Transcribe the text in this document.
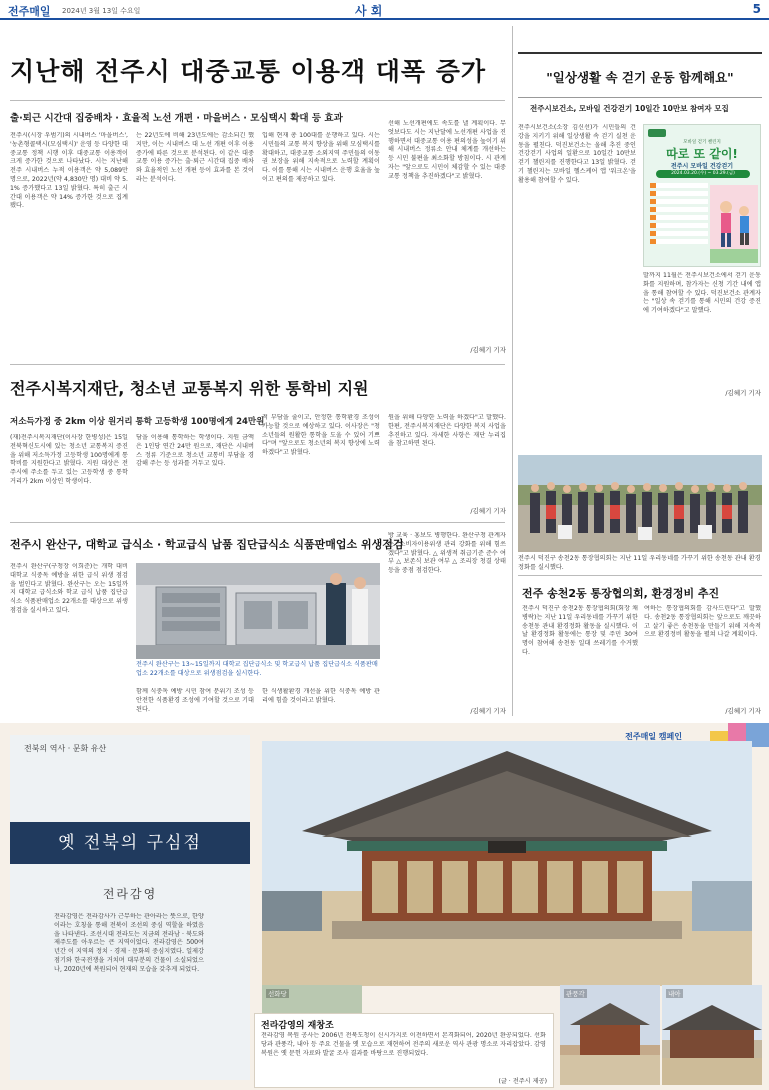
전주매일 2024년 3월 13일 수요일	사 회	5
지난해 전주시 대중교통 이용객 대폭 증가
출·퇴근 시간대 집중배차 · 효율적 노선 개편 · 마을버스 · 모심택시 확대 등 효과
전주시(시장 우범기)의 시내버스 '마을버스', '농촌형콜택시(모심택시)' 운영 등 다양한 대중교통 정책 시행 이후 대중교통 이용객이 크게 증가한 것으로 나타났다. 시는 지난해 전주 시내버스 누적 이용객은 약 5,089만 명으로, 2022년(약 4,830만 명) 대비 약 5.1% 증가했다고 13일 밝혔다. 특히 출근 시간대 이용객은 약 14% 증가한 것으로 집계됐다.
는 22년도에 비해 23년도에는 감소되긴 했지만, 이는 시내버스 대 노선 개편 이후 이용 증가에 따른 것으로 분석된다. 이 같은 대중교통 이용 증가는 출·퇴근 시간대 집중 배차와 효율적인 노선 개편 등이 효과를 본 것이라는 분석이다.
입해 현재 총 100대를 운행하고 있다. 시는 시민들의 교통 복지 향상을 위해 모심택시를 확대하고, 대중교통 소외지역 주민들의 이동권 보장을 위해 지속적으로 노력할 계획이다. 이를 통해 시는 시내버스 운행 효율을 높이고 편의를 제공하고 있다.
선해 노선개편에도 속도를 낼 계획이다. 무엇보다도 시는 지난달에 노선개편 사업을 진행하면서 대중교통 이용 편의성을 높이기 위해 시내버스 정류소 안내 체계를 개선하는 등 시민 불편을 최소화할 방침이다. 시 관계자는 "앞으로도 시민이 체감할 수 있는 대중교통 정책을 추진하겠다"고 밝혔다.
/김혜기 기자
"일상생활 속 걷기 운동 함께해요"
전주시보건소, 모바일 건강걷기 10일간 10만보 참여자 모집
전주시보건소(소장 김신선)가 시민들의 건강을 지키기 위해 일상생활 속 걷기 실천 운동을 펼친다. 덕진보건소는 올해 추진 중인 건강걷기 사업의 일환으로 10일간 10만보 걷기 챌린지를 진행한다고 13일 밝혔다. 걷기 챌린지는 모바일 헬스케어 앱 '워크온'을 활용해 참여할 수 있다.
모바일 걷기 챌린지
따로 또 같이!
전주시 모바일 건강걷기
2024.03.20.(수) ~ 03.29.(금)
말까지 11월은 전주시보건소에서 걷기 운동화를 지원하며, 참가자는 신청 기간 내에 앱을 통해 참여할 수 있다. 덕진보건소 관계자는 "일상 속 걷기를 통해 시민의 건강 증진에 기여하겠다"고 말했다.
/김혜기 기자
전주시복지재단, 청소년 교통복지 위한 통학비 지원
저소득가정 중 2km 이상 원거리 통학 고등학생 100명에게 24만원
(재)전주시복지재단(이사장 한병성)은 15일 전북혁신도시에 있는 청소년 교통복지 증진을 위해 저소득가정 고등학생 100명에게 통학비를 지원한다고 밝혔다. 지원 대상은 전주시에 주소를 두고 있는 고등학생 중 통학 거리가 2km 이상인 학생이다.
담을 이용해 통학하는 학생이다. 지원 금액은 1인당 연간 24만 원으로, 재단은 시내버스 정류 기준으로 청소년 교통비 부담을 경감해 주는 등 성과를 거두고 있다.
적 부담을 줄이고, 안정한 통학환경 조성이 가능할 것으로 예상하고 있다. 이사장은 "청소년들의 원활한 통학을 도울 수 있어 기쁘다"며 "앞으로도 청소년의 복지 향상에 노력하겠다"고 밝혔다.
원을 위해 다양한 노력을 하겠다"고 말했다. 한편, 전주시복지재단은 다양한 복지 사업을 추진하고 있다. 자세한 사항은 재단 누리집을 참고하면 된다.
/김혜기 기자
전주시 덕진구 송천2동 통장협의회는 지난 11일 우리동네를 가꾸기 위한 송천동 관내 환경정화를 실시했다.
전주시 완산구, 대학교 급식소 · 학교급식 납품 집단급식소 식품판매업소 위생점검
전주시 완산구(구청장 이희준)는 개학 대비 대학교 식중독 예방을 위한 급식 위생 점검을 벌인다고 밝혔다. 완산구는 오는 15일까지 대학교 급식소와 학교 급식 납품 집단급식소 식품판매업소 22개소를 대상으로 위생점검을 실시하고 있다.
전주시 완산구는 13~15일까지 대학교 집단급식소 및 학교급식 납품 집단급식소 식품판매업소 22개소를 대상으로 위생점검을 실시한다.
방 교육 · 홍보도 병행한다. 완산구청 관계자는 "소비자이용위생 관리 강화를 위해 힘쓰겠다"고 밝혔다. △ 위생적 취급기준 준수 여부 △ 보존식 보관 여부 △ 조리장 청결 상태 등을 중점 점검한다.
함께 식중독 예방 시민 참여 분위기 조성 등 안전한 식품환경 조성에 기여할 것으로 기대된다.
한 식생활환경 개선을 위한 식중독 예방 관리에 힘쓸 것이라고 밝혔다.
/김혜기 기자
전주 송천2동 통장협의회, 환경정비 추진
전주시 덕진구 송천2동 통장협의회(회장 채병락)는 지난 11일 우리동네를 가꾸기 위한 송천동 관내 환경정화 활동을 실시했다. 이날 환경정화 활동에는 통장 및 주민 30여 명이 참여해 송천동 일대 쓰레기를 수거했다.
여하는 통장협의회를 감사드린다"고 말했다. 송천2동 통장협의회는 앞으로도 깨끗하고 살기 좋은 송천동을 만들기 위해 지속적으로 환경정비 활동을 펼쳐 나갈 계획이다.
/김혜기 기자
전북의 역사 · 문화 유산
옛 전북의 구심점
전라감영
전라감영은 전라감사가 근무하는 관아라는 뜻으로, 한양이라는 호칭을 통해 전북이 조선의 중심 역할을 하였음을 나타낸다. 조선시대 전라도는 지금의 전라남 · 북도와 제주도를 아우르는 큰 지역이었다. 전라감영은 500여 년간 이 지역의 정치 · 경제 · 문화의 중심지였다. 일제강점기와 한국전쟁을 거치며 대부분의 건물이 소실되었으나, 2020년에 복원되어 현재의 모습을 갖추게 되었다.
전주매일 캠페인
선화당
전라감영의 재창조
전라감영 복원 공사는 2006년 전북도청이 신시가지로 이전하면서 본격화되어, 2020년 완공되었다. 선화당과 관풍각, 내아 등 주요 건물을 옛 모습으로 재현하여 전주의 새로운 역사 관광 명소로 자리잡았다. 감영 복원은 옛 문헌 자료와 발굴 조사 결과를 바탕으로 진행되었다.
(글 · 전주시 제공)
관풍각	내아
